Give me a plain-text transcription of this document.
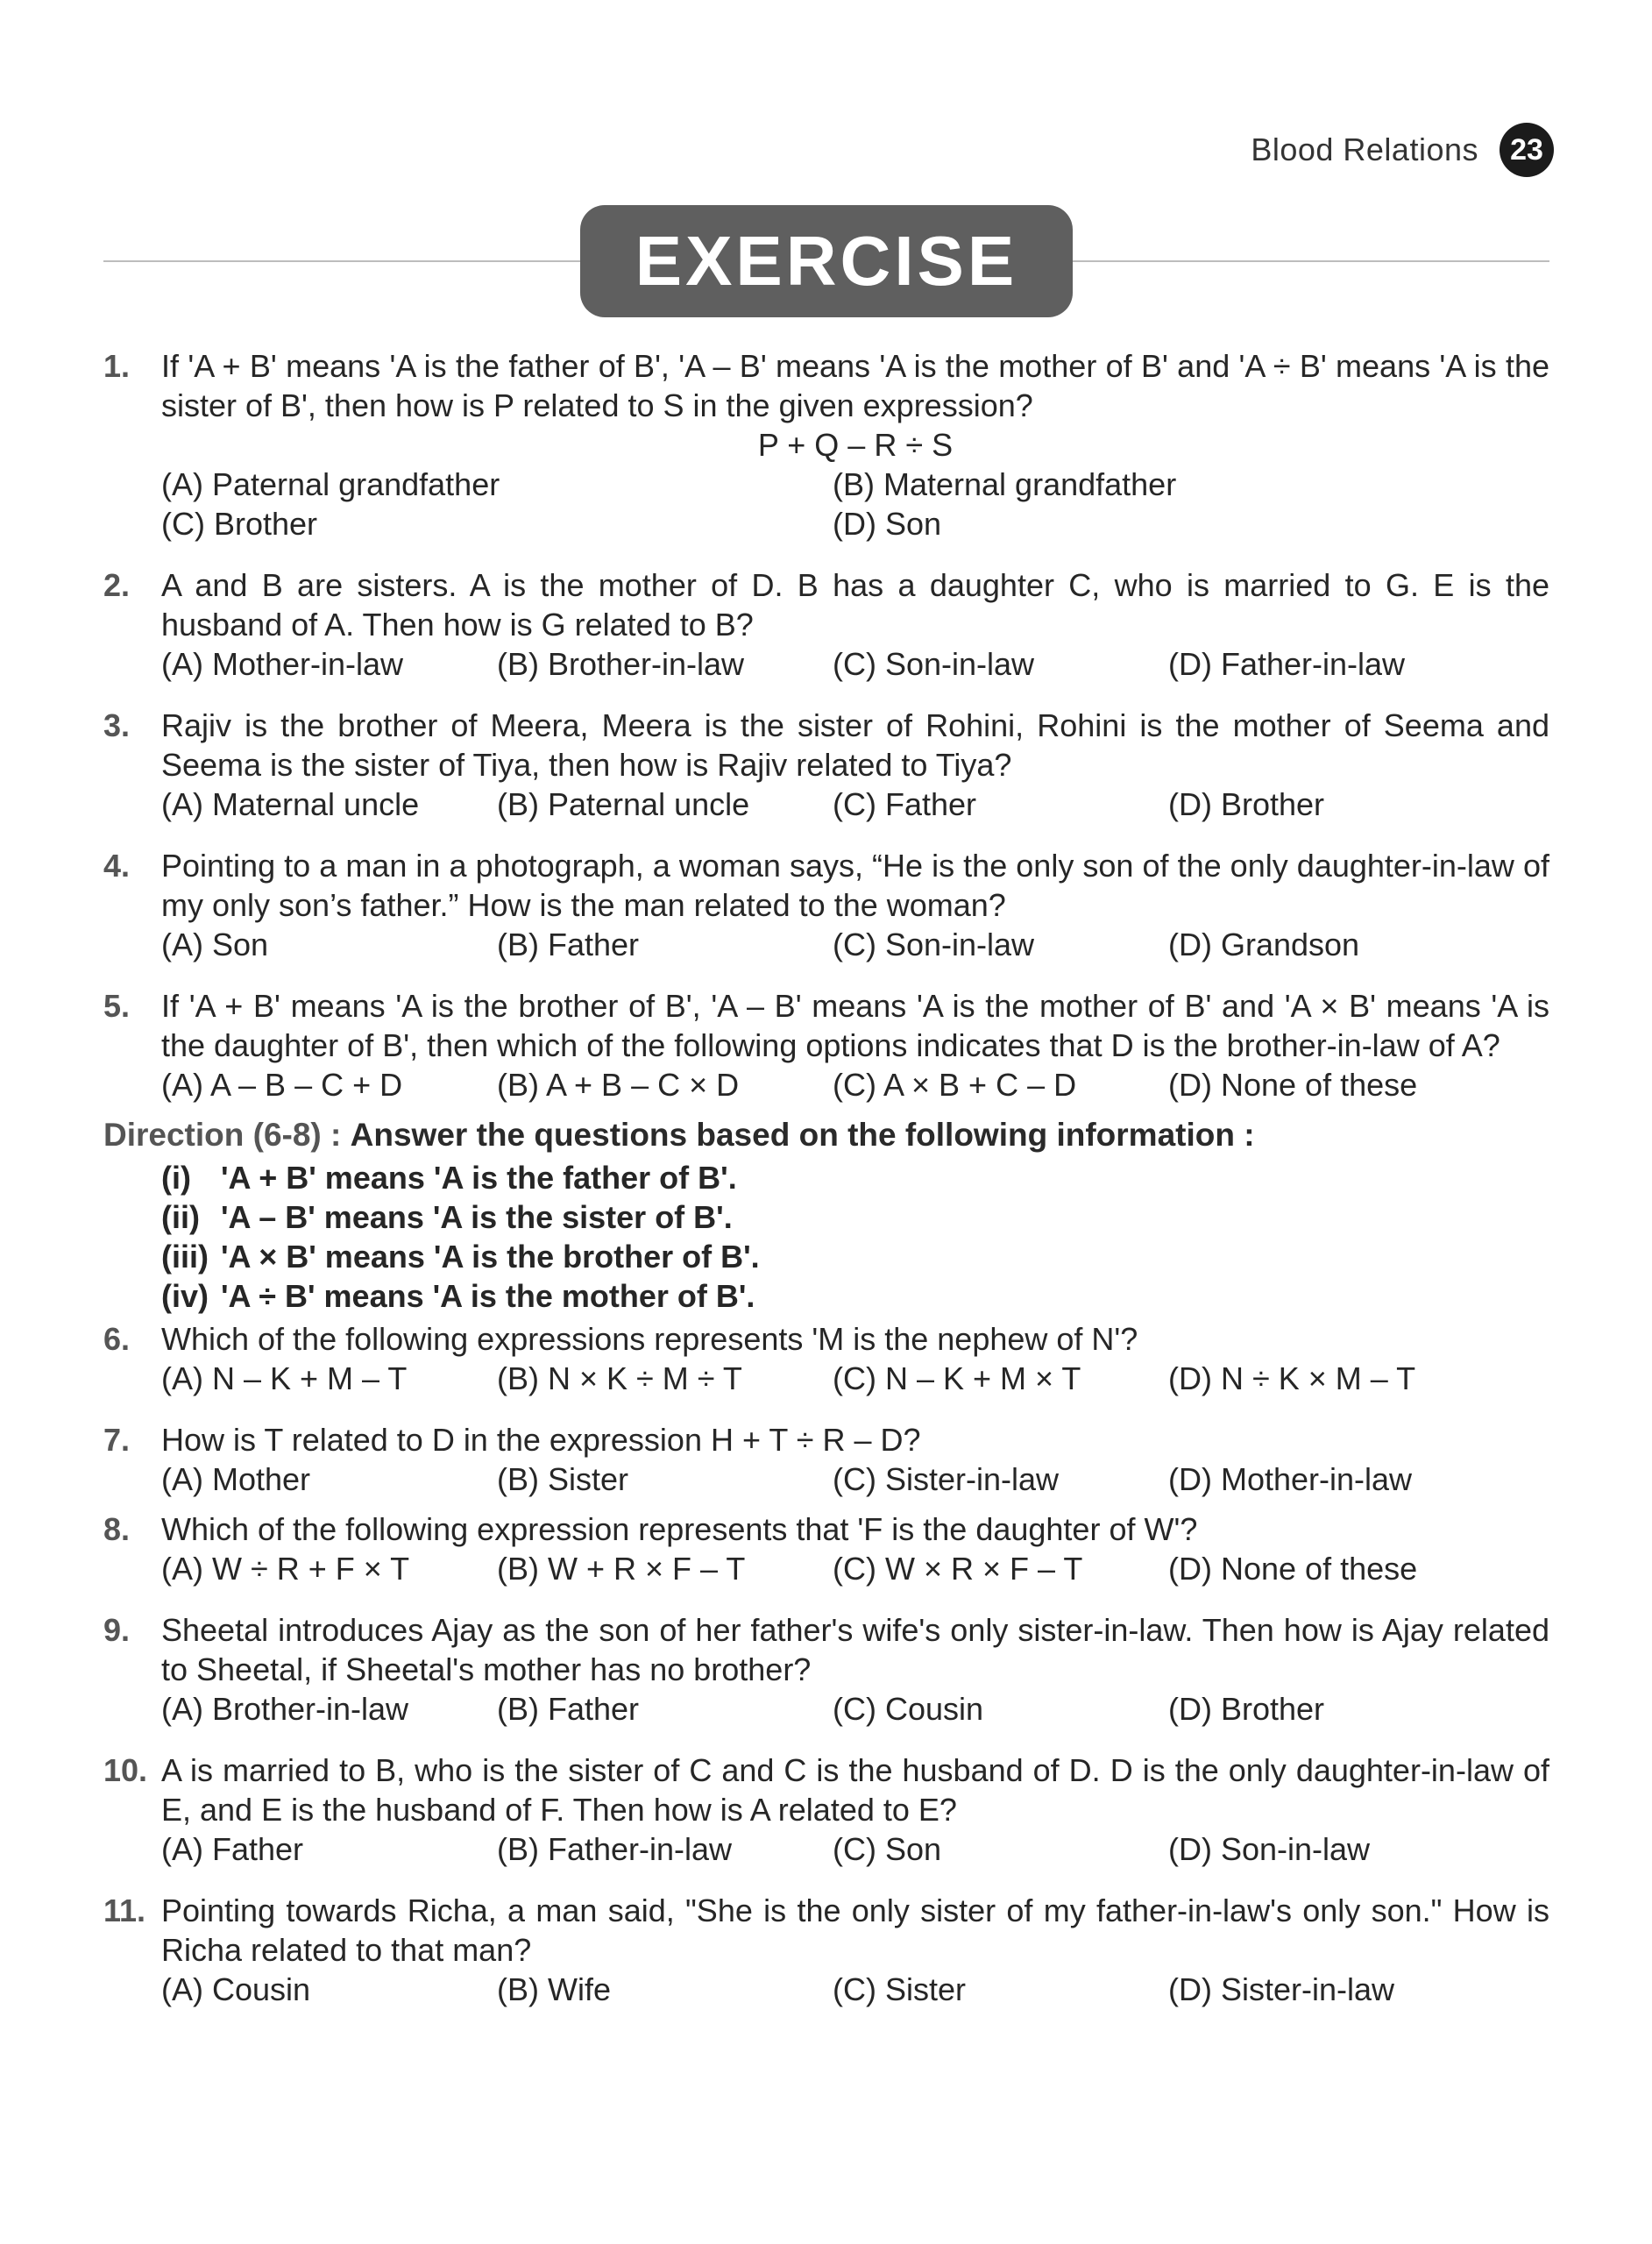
Blood Relations	23
EXERCISE
1. If 'A + B' means 'A is the father of B', 'A – B' means 'A is the mother of B' and 'A ÷ B' means 'A is the sister of B', then how is P related to S in the given expression?
P + Q – R ÷ S
(A) Paternal grandfather	(B) Maternal grandfather
(C) Brother	(D) Son
2. A and B are sisters. A is the mother of D. B has a daughter C, who is married to G. E is the husband of A. Then how is G related to B?
(A) Mother-in-law	(B) Brother-in-law	(C) Son-in-law	(D) Father-in-law
3. Rajiv is the brother of Meera, Meera is the sister of Rohini, Rohini is the mother of Seema and Seema is the sister of Tiya, then how is Rajiv related to Tiya?
(A) Maternal uncle	(B) Paternal uncle	(C) Father	(D) Brother
4. Pointing to a man in a photograph, a woman says, “He is the only son of the only daughter-in-law of my only son’s father.” How is the man related to the woman?
(A) Son	(B) Father	(C) Son-in-law	(D) Grandson
5. If 'A + B' means 'A is the brother of B', 'A – B' means 'A is the mother of B' and 'A × B' means 'A is the daughter of B', then which of the following options indicates that D is the brother-in-law of A?
(A) A – B – C + D	(B) A + B – C × D	(C) A × B + C – D	(D) None of these
Direction (6-8) : Answer the questions based on the following information :
(i) 'A + B' means 'A is the father of B'.
(ii) 'A – B' means 'A is the sister of B'.
(iii) 'A × B' means 'A is the brother of B'.
(iv) 'A ÷ B' means 'A is the mother of B'.
6. Which of the following expressions represents 'M is the nephew of N'?
(A) N – K + M – T	(B) N × K ÷ M ÷ T	(C) N – K + M × T	(D) N ÷ K × M – T
7. How is T related to D in the expression H + T ÷ R – D?
(A) Mother	(B) Sister	(C) Sister-in-law	(D) Mother-in-law
8. Which of the following expression represents that 'F is the daughter of W'?
(A) W ÷ R + F × T	(B) W + R × F – T	(C) W × R × F – T	(D) None of these
9. Sheetal introduces Ajay as the son of her father's wife's only sister-in-law. Then how is Ajay related to Sheetal, if Sheetal's mother has no brother?
(A) Brother-in-law	(B) Father	(C) Cousin	(D) Brother
10. A is married to B, who is the sister of C and C is the husband of D. D is the only daughter-in-law of E, and E is the husband of F. Then how is A related to E?
(A) Father	(B) Father-in-law	(C) Son	(D) Son-in-law
11. Pointing towards Richa, a man said, "She is the only sister of my father-in-law's only son." How is Richa related to that man?
(A) Cousin	(B) Wife	(C) Sister	(D) Sister-in-law
